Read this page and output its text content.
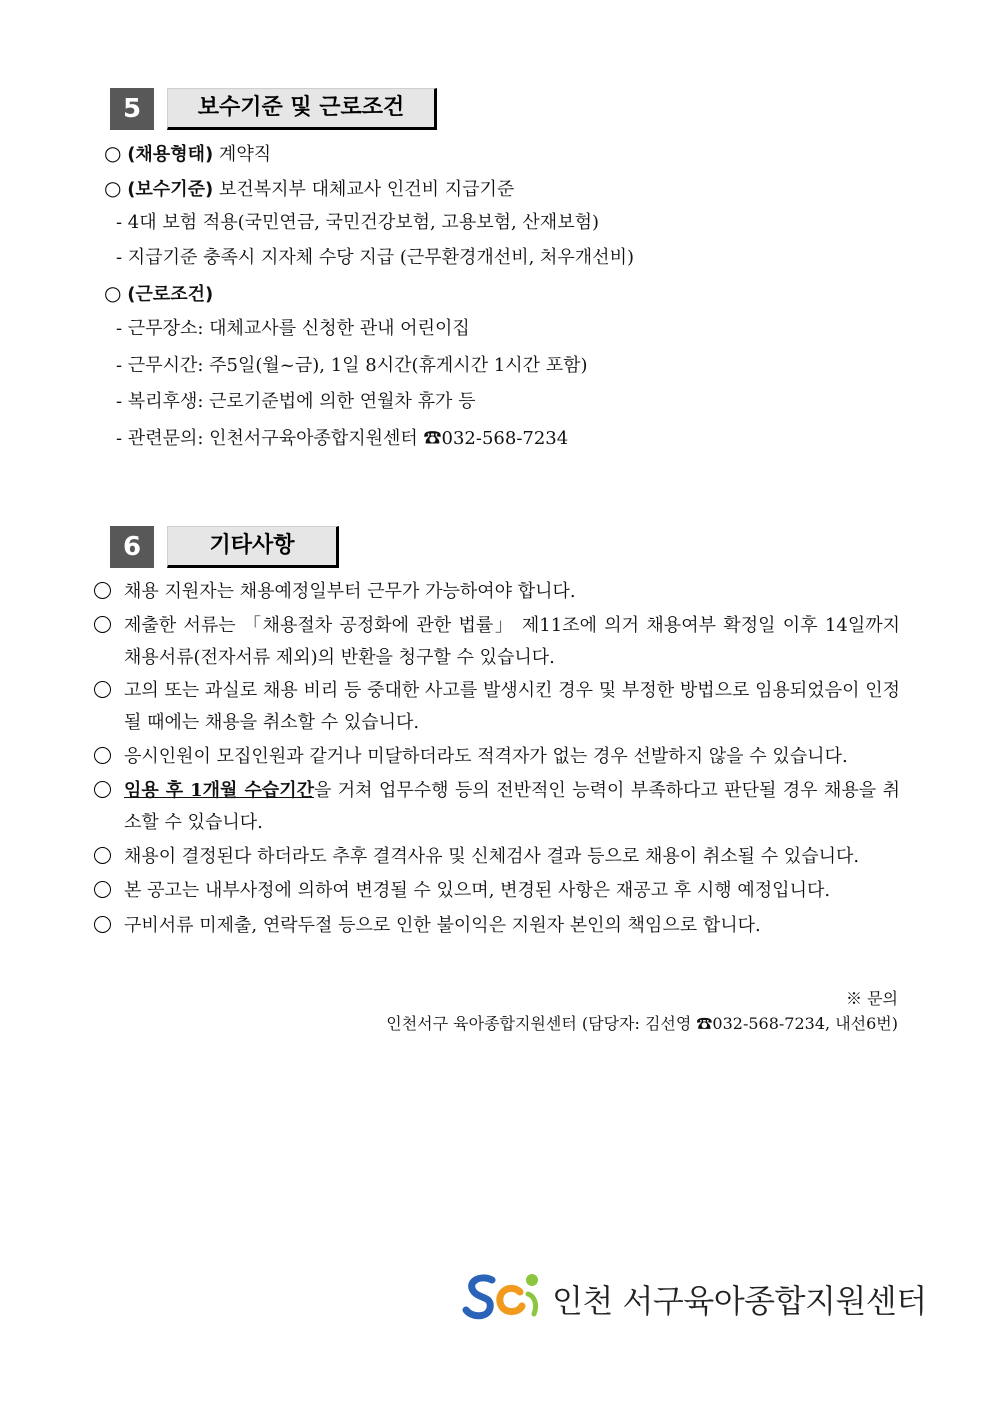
5	보수기준 및 근로조건
○ (채용형태) 계약직
○ (보수기준) 보건복지부 대체교사 인건비 지급기준
- 4대 보험 적용(국민연금, 국민건강보험, 고용보험, 산재보험)
- 지급기준 충족시 지자체 수당 지급 (근무환경개선비, 처우개선비)
○ (근로조건)
- 근무장소: 대체교사를 신청한 관내 어린이집
- 근무시간: 주5일(월~금), 1일 8시간(휴게시간 1시간 포함)
- 복리후생: 근로기준법에 의한 연월차 휴가 등
- 관련문의: 인천서구육아종합지원센터 ☎032-568-7234
6	기타사항
채용 지원자는 채용예정일부터 근무가 가능하여야 합니다.
제출한 서류는 「채용절차 공정화에 관한 법률」 제11조에 의거 채용여부 확정일 이후 14일까지 채용서류(전자서류 제외)의 반환을 청구할 수 있습니다.
고의 또는 과실로 채용 비리 등 중대한 사고를 발생시킨 경우 및 부정한 방법으로 임용되었음이 인정될 때에는 채용을 취소할 수 있습니다.
응시인원이 모집인원과 같거나 미달하더라도 적격자가 없는 경우 선발하지 않을 수 있습니다.
임용 후 1개월 수습기간을 거쳐 업무수행 등의 전반적인 능력이 부족하다고 판단될 경우 채용을 취소할 수 있습니다.
채용이 결정된다 하더라도 추후 결격사유 및 신체검사 결과 등으로 채용이 취소될 수 있습니다.
본 공고는 내부사정에 의하여 변경될 수 있으며, 변경된 사항은 재공고 후 시행 예정입니다.
구비서류 미제출, 연락두절 등으로 인한 불이익은 지원자 본인의 책임으로 합니다.
※ 문의
인천서구 육아종합지원센터 (담당자: 김선영 ☎032-568-7234, 내선6번)
인천 서구육아종합지원센터
